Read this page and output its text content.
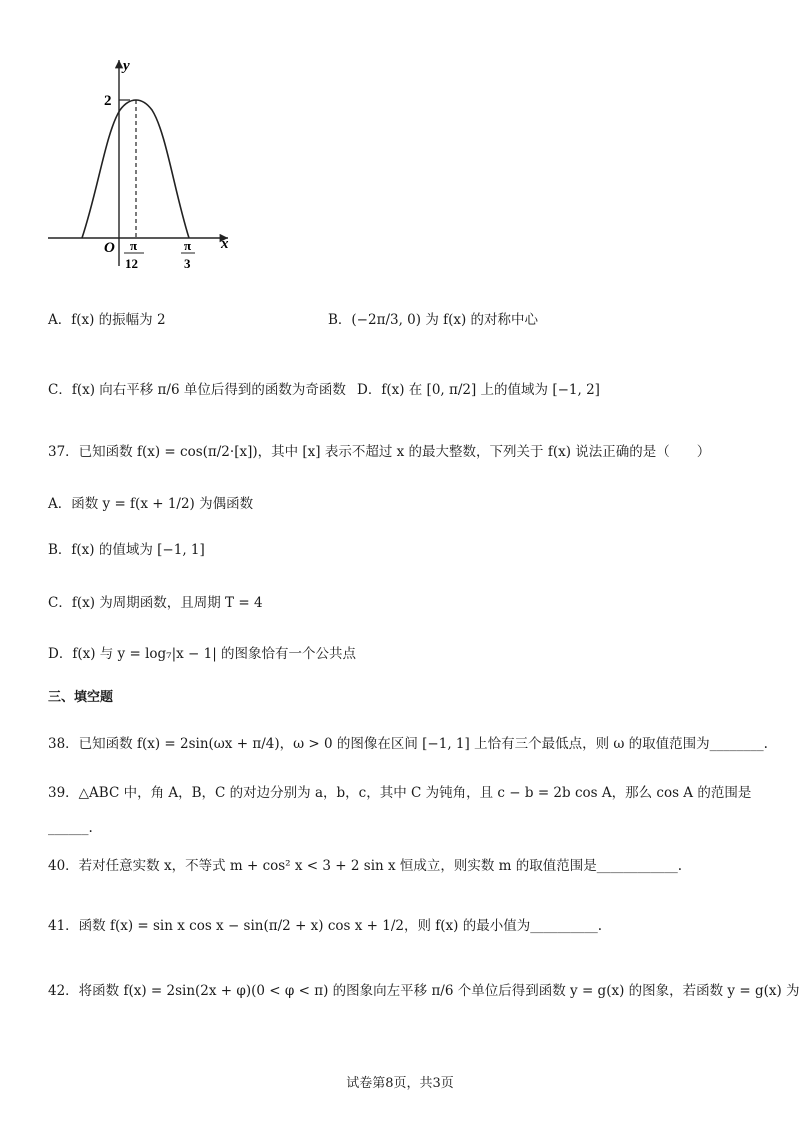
y
x
O
2
π
12
π
3
A．f(x) 的振幅为 2	B．(−2π/3, 0) 为 f(x) 的对称中心
C．f(x) 向右平移 π/6 单位后得到的函数为奇函数 D．f(x) 在 [0, π/2] 上的值域为 [−1, 2]
37．已知函数 f(x) = cos(π/2·[x])，其中 [x] 表示不超过 x 的最大整数，下列关于 f(x) 说法正确的是（　　）
A．函数 y = f(x + 1/2) 为偶函数
B．f(x) 的值域为 [−1, 1]
C．f(x) 为周期函数，且周期 T = 4
D．f(x) 与 y = log₇|x − 1| 的图象恰有一个公共点
三、填空题
38．已知函数 f(x) = 2sin(ωx + π/4)，ω > 0 的图像在区间 [−1, 1] 上恰有三个最低点，则 ω 的取值范围为________.
39．△ABC 中，角 A，B，C 的对边分别为 a，b，c，其中 C 为钝角，且 c − b = 2b cos A，那么 cos A 的范围是
______.
40．若对任意实数 x，不等式 m + cos² x < 3 + 2 sin x 恒成立，则实数 m 的取值范围是____________.
41．函数 f(x) = sin x cos x − sin(π/2 + x) cos x + 1/2，则 f(x) 的最小值为__________.
42．将函数 f(x) = 2sin(2x + φ)(0 < φ < π) 的图象向左平移 π/6 个单位后得到函数 y = g(x) 的图象，若函数 y = g(x) 为
试卷第8页，共3页
